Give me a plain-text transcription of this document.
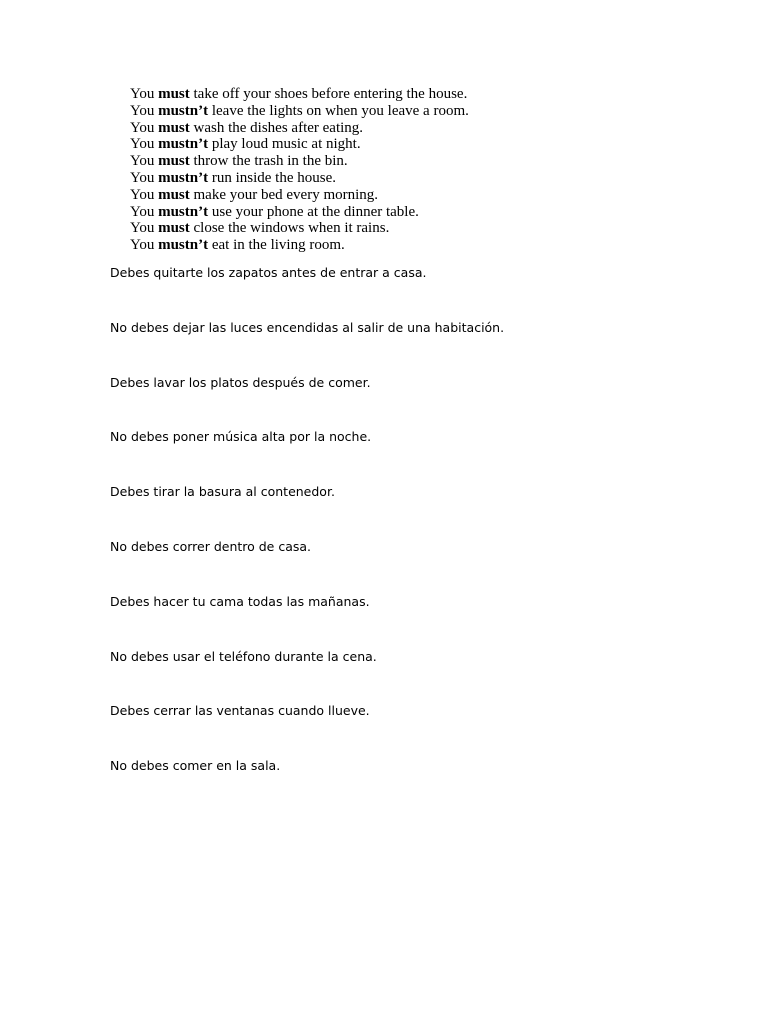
You must take off your shoes before entering the house.
You mustn’t leave the lights on when you leave a room.
You must wash the dishes after eating.
You mustn’t play loud music at night.
You must throw the trash in the bin.
You mustn’t run inside the house.
You must make your bed every morning.
You mustn’t use your phone at the dinner table.
You must close the windows when it rains.
You mustn’t eat in the living room.
Debes quitarte los zapatos antes de entrar a casa.
No debes dejar las luces encendidas al salir de una habitación.
Debes lavar los platos después de comer.
No debes poner música alta por la noche.
Debes tirar la basura al contenedor.
No debes correr dentro de casa.
Debes hacer tu cama todas las mañanas.
No debes usar el teléfono durante la cena.
Debes cerrar las ventanas cuando llueve.
No debes comer en la sala.
